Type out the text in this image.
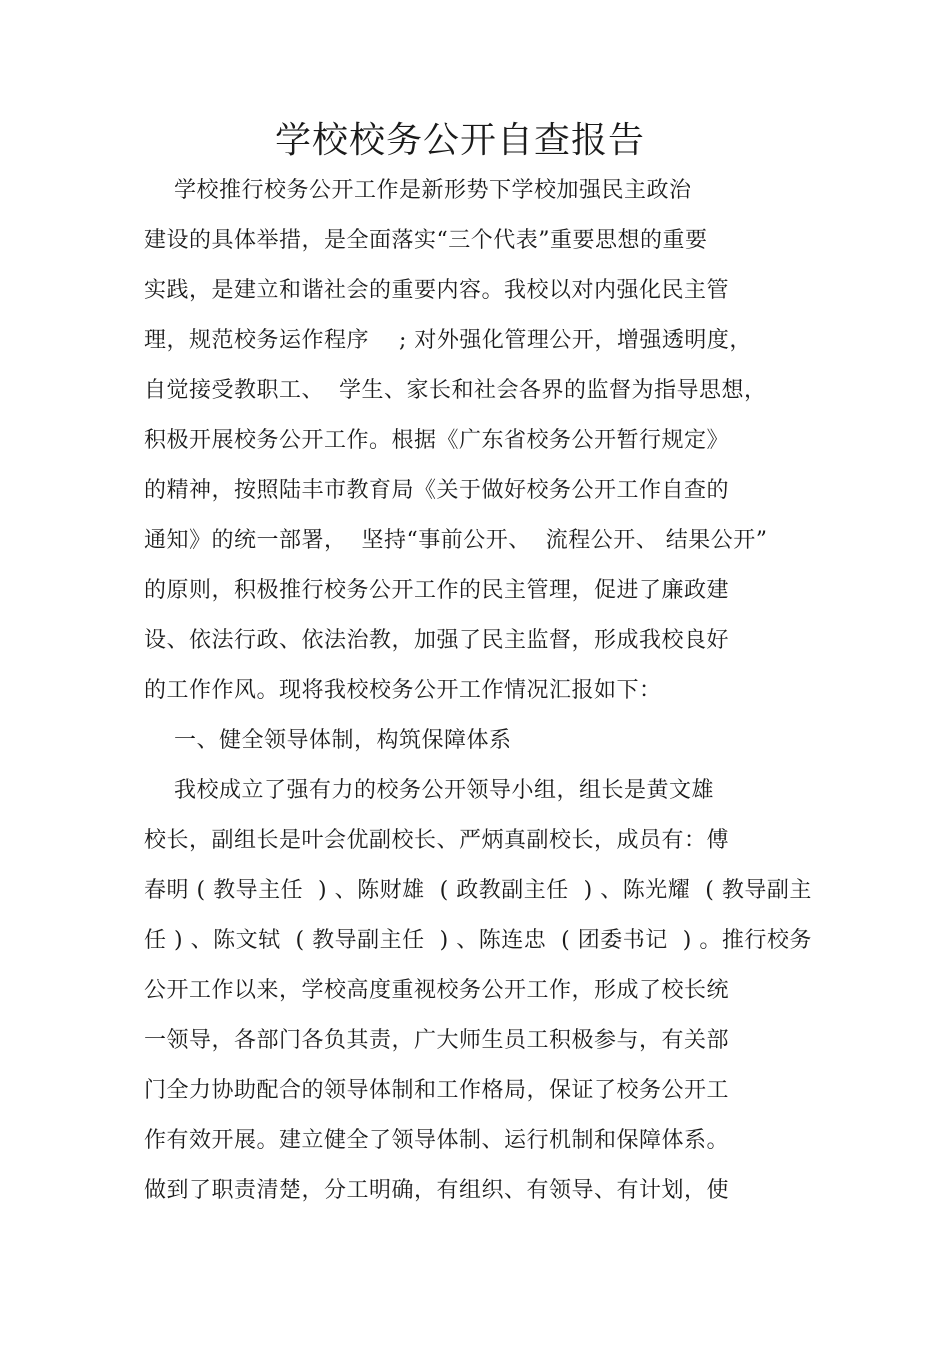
学校校务公开自查报告

学校推行校务公开工作是新形势下学校加强民主政治

建设的具体举措，是全面落实“三个代表”重要思想的重要

实践，是建立和谐社会的重要内容。我校以对内强化民主管

理，规范校务运作程序    ; 对外强化管理公开，增强透明度，

自觉接受教职工、  学生、家长和社会各界的监督为指导思想，

积极开展校务公开工作。根据《广东省校务公开暂行规定》

的精神，按照陆丰市教育局《关于做好校务公开工作自查的

通知》的统一部署，  坚持“事前公开、  流程公开、 结果公开”

的原则，积极推行校务公开工作的民主管理，促进了廉政建

设、依法行政、依法治教，加强了民主监督，形成我校良好

的工作作风。现将我校校务公开工作情况汇报如下：

一、健全领导体制，构筑保障体系

我校成立了强有力的校务公开领导小组，组长是黄文雄

校长，副组长是叶会优副校长、严炳真副校长，成员有：傅

春明 ( 教导主任  ) 、陈财雄  ( 政教副主任  ) 、陈光耀  ( 教导副主

任 ) 、陈文轼  ( 教导副主任  ) 、陈连忠  ( 团委书记  ) 。推行校务

公开工作以来，学校高度重视校务公开工作，形成了校长统

一领导，各部门各负其责，广大师生员工积极参与，有关部

门全力协助配合的领导体制和工作格局，保证了校务公开工

作有效开展。建立健全了领导体制、运行机制和保障体系。

做到了职责清楚，分工明确，有组织、有领导、有计划，使
